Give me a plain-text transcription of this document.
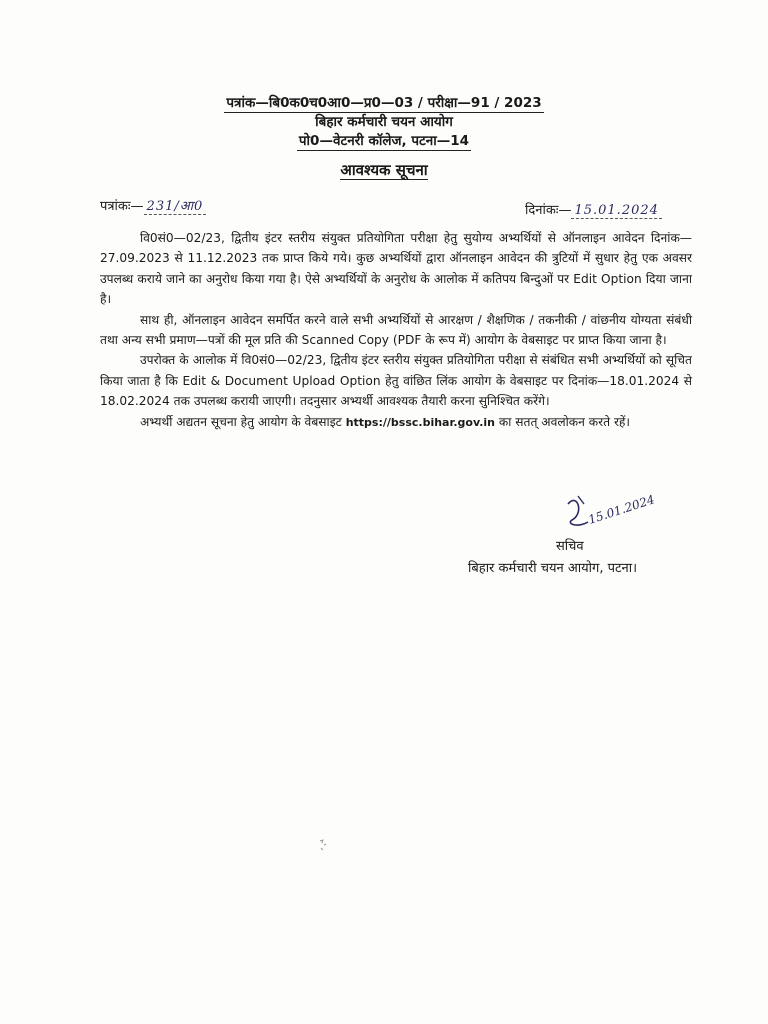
पत्रांक—बि0क0च0आ0—प्र0—03 / परीक्षा—91 / 2023
बिहार कर्मचारी चयन आयोग
पो0—वेटनरी कॉलेज, पटना—14
आवश्यक सूचना
पत्रांकः— 231/आ0	दिनांकः— 15.01.2024

वि0सं0—02/23, द्वितीय इंटर स्तरीय संयुक्त प्रतियोगिता परीक्षा हेतु सुयोग्य अभ्यर्थियों से ऑनलाइन आवेदन दिनांक—27.09.2023 से 11.12.2023 तक प्राप्त किये गये। कुछ अभ्यर्थियों द्वारा ऑनलाइन आवेदन की त्रुटियों में सुधार हेतु एक अवसर उपलब्ध कराये जाने का अनुरोध किया गया है। ऐसे अभ्यर्थियों के अनुरोध के आलोक में कतिपय बिन्दुओं पर Edit Option दिया जाना है।

साथ ही, ऑनलाइन आवेदन समर्पित करने वाले सभी अभ्यर्थियों से आरक्षण / शैक्षणिक / तकनीकी / वांछनीय योग्यता संबंधी तथा अन्य सभी प्रमाण—पत्रों की मूल प्रति की Scanned Copy (PDF के रूप में) आयोग के वेबसाइट पर प्राप्त किया जाना है।

उपरोक्त के आलोक में वि0सं0—02/23, द्वितीय इंटर स्तरीय संयुक्त प्रतियोगिता परीक्षा से संबंधित सभी अभ्यर्थियों को सूचित किया जाता है कि Edit & Document Upload Option हेतु वांछित लिंक आयोग के वेबसाइट पर दिनांक—18.01.2024 से 18.02.2024 तक उपलब्ध करायी जाएगी। तदनुसार अभ्यर्थी आवश्यक तैयारी करना सुनिश्चित करेंगे।

अभ्यर्थी अद्यतन सूचना हेतु आयोग के वेबसाइट https://bssc.bihar.gov.in का सतत् अवलोकन करते रहें।

15.01.2024
सचिव
बिहार कर्मचारी चयन आयोग, पटना।
